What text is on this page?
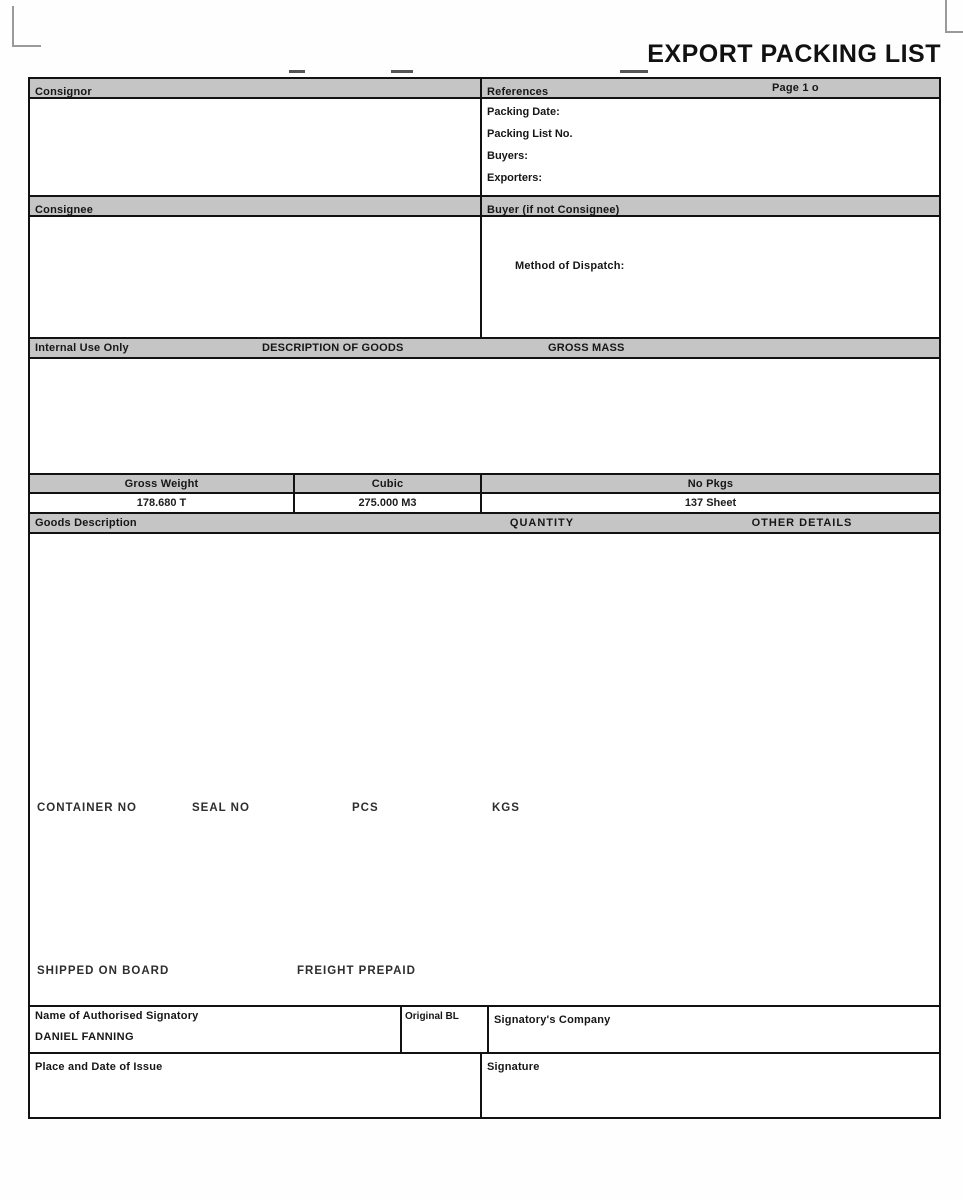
EXPORT PACKING LIST
Consignor	References	Page 1 o
Packing Date:
Packing List No.
Buyers:
Exporters:
Method of Dispatch:
Consignee	Buyer (if not Consignee)
Internal Use Only	DESCRIPTION OF GOODS	GROSS MASS
Gross Weight	Cubic	No Pkgs
178.680 T	275.000 M3	137 Sheet
Goods Description	QUANTITY	OTHER DETAILS
CONTAINER NO	SEAL NO	PCS	KGS
SHIPPED ON BOARD	FREIGHT PREPAID
Name of Authorised Signatory
DANIEL FANNING
Original BL	Signatory's Company
Place and Date of Issue	Signature
